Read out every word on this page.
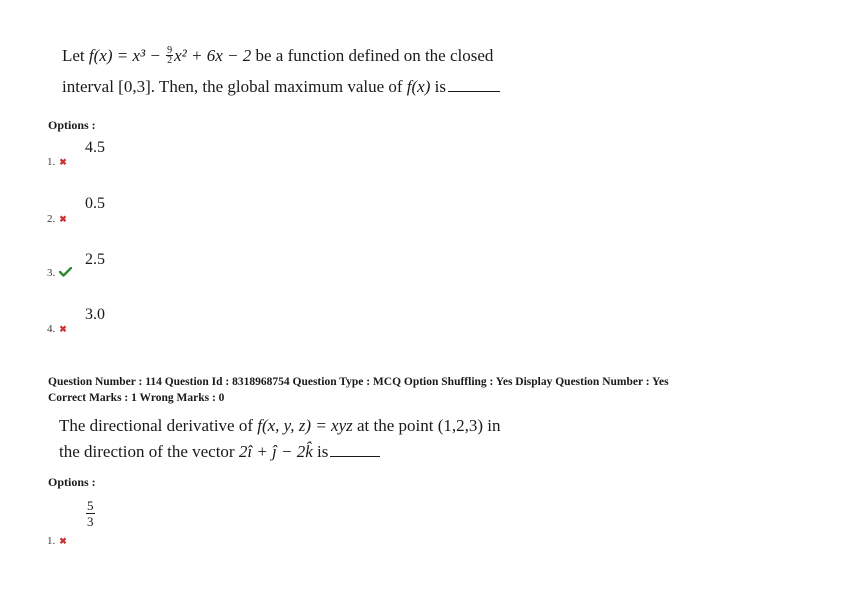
Let $f(x) = x^3 - \frac{9}{2} x^2 + 6x - 2$ be a function defined on the closed
interval [0,3]. Then, the global maximum value of f(x) is
Options :
4.5
1. ✖
0.5
2. ✖
2.5
3.
3.0
4. ✖
Question Number : 114 Question Id : 8318968754 Question Type : MCQ Option Shuffling : Yes Display Question Number : Yes
Correct Marks : 1 Wrong Marks : 0
The directional derivative of f(x, y, z) = xyz at the point (1,2,3) in
the direction of the vector 2î + ĵ − 2k̂ is
Options :
$\frac{5}{3}$
1. ✖
